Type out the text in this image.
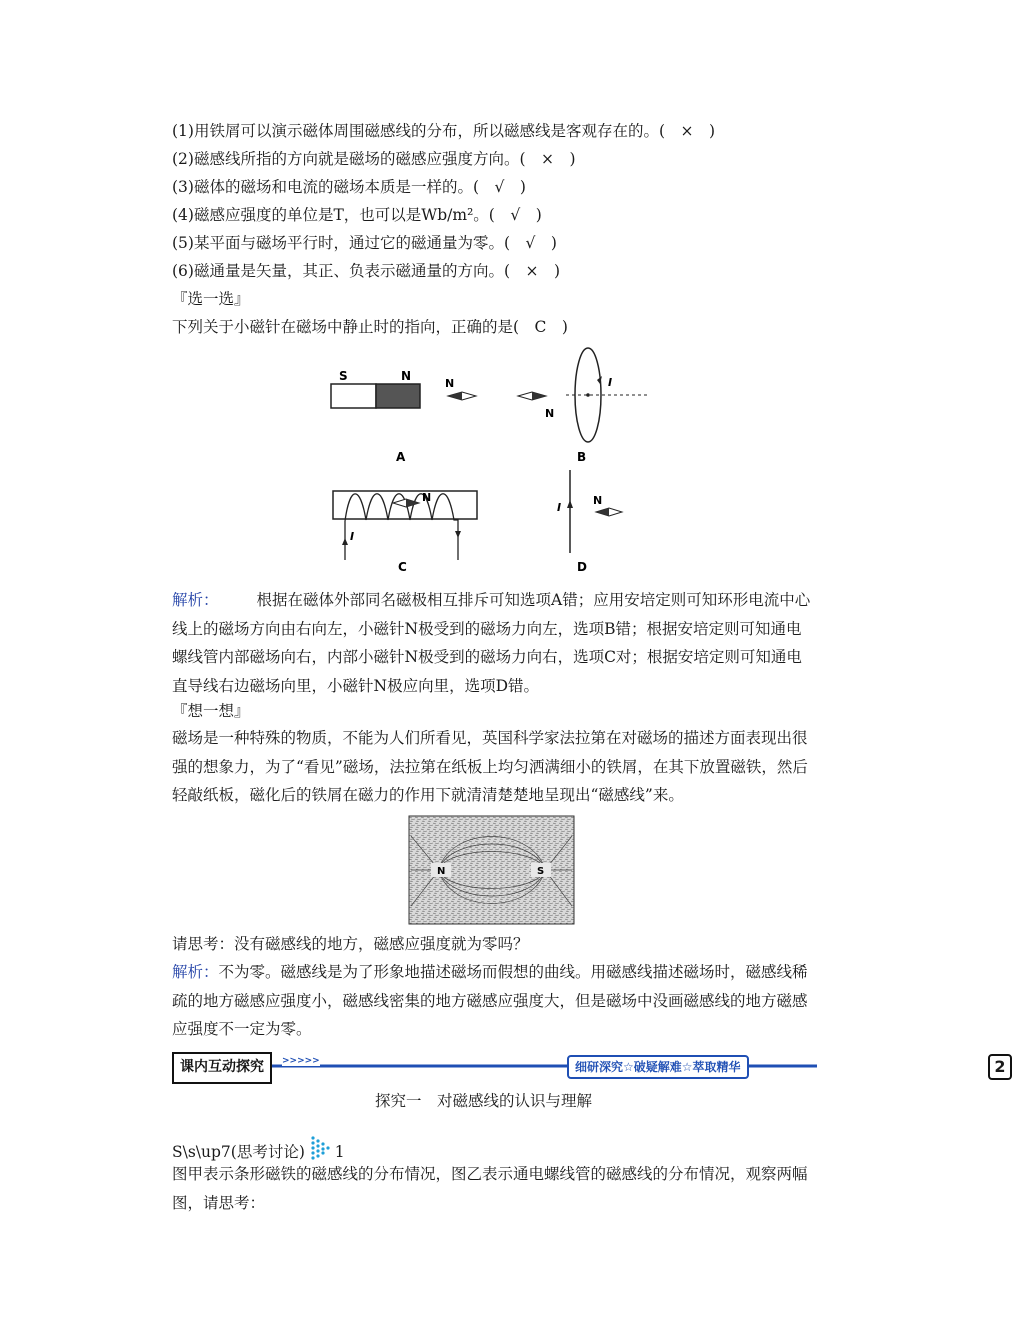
(1)用铁屑可以演示磁体周围磁感线的分布，所以磁感线是客观存在的。(　×　)
(2)磁感线所指的方向就是磁场的磁感应强度方向。(　×　)
(3)磁体的磁场和电流的磁场本质是一样的。(　√　)
(4)磁感应强度的单位是T，也可以是Wb/m²。(　√　)
(5)某平面与磁场平行时，通过它的磁通量为零。(　√　)
(6)磁通量是矢量，其正、负表示磁通量的方向。(　×　)
『选一选』
下列关于小磁针在磁场中静止时的指向，正确的是(　C　)
S	N
N
A
N
I
B
N
I
C
I
N
D
解析： 根据在磁体外部同名磁极相互排斥可知选项A错；应用安培定则可知环形电流中心线上的磁场方向由右向左，小磁针N极受到的磁场力向左，选项B错；根据安培定则可知通电螺线管内部磁场向右，内部小磁针N极受到的磁场力向右，选项C对；根据安培定则可知通电直导线右边磁场向里，小磁针N极应向里，选项D错。
『想一想』
磁场是一种特殊的物质，不能为人们所看见，英国科学家法拉第在对磁场的描述方面表现出很强的想象力，为了“看见”磁场，法拉第在纸板上均匀洒满细小的铁屑，在其下放置磁铁，然后轻敲纸板，磁化后的铁屑在磁力的作用下就清清楚楚地呈现出“磁感线”来。
N	S
请思考：没有磁感线的地方，磁感应强度就为零吗？
解析：不为零。磁感线是为了形象地描述磁场而假想的曲线。用磁感线描述磁场时，磁感线稀疏的地方磁感应强度小，磁感线密集的地方磁感应强度大，但是磁场中没画磁感线的地方磁感应强度不一定为零。
课内互动探究	>>>>>	细研深究☆破疑解难☆萃取精华	2
探究一　对磁感线的认识与理解
S\s\up7(思考讨论) 1
图甲表示条形磁铁的磁感线的分布情况，图乙表示通电螺线管的磁感线的分布情况，观察两幅图，请思考：
